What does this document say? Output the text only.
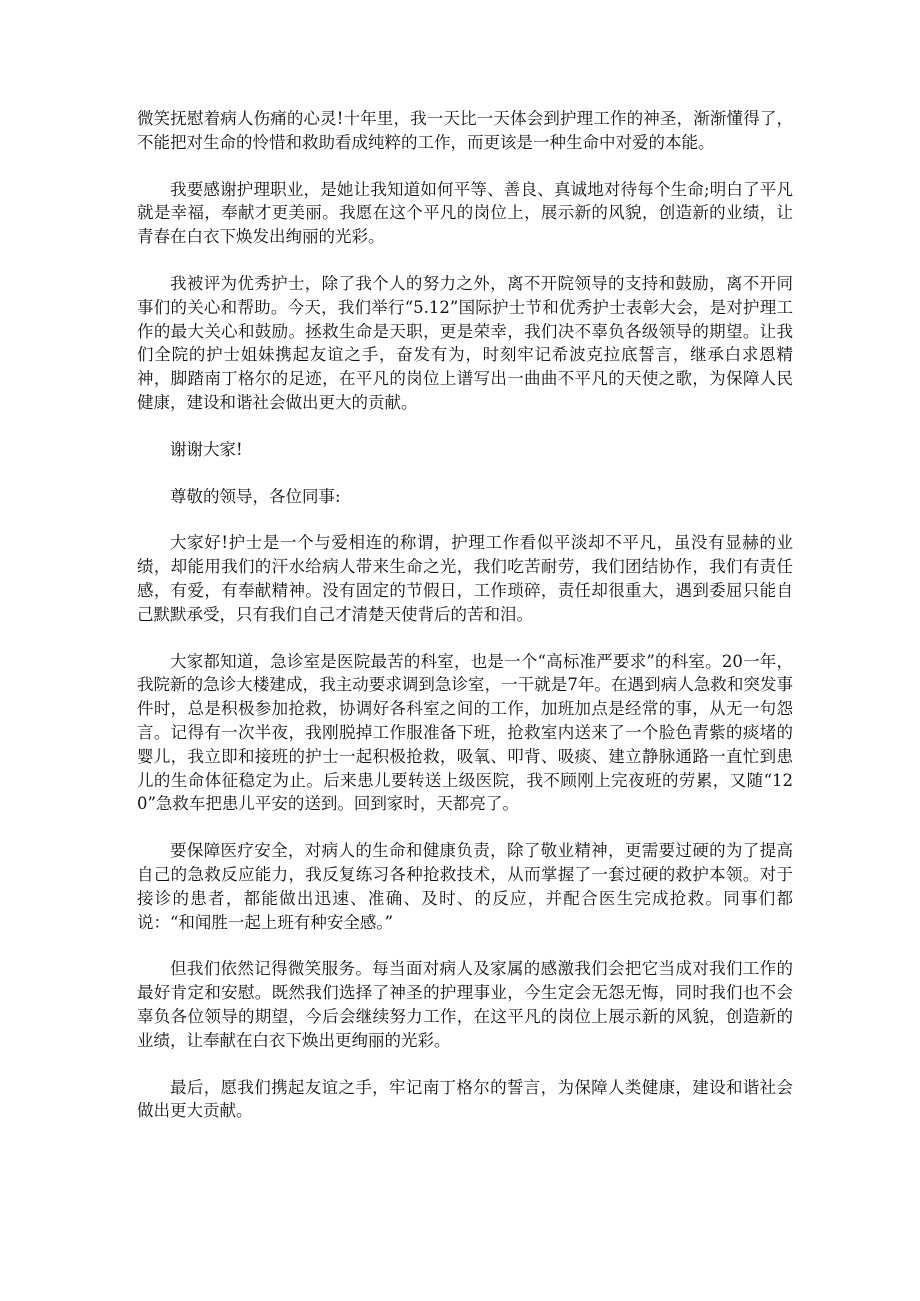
微笑抚慰着病人伤痛的心灵!十年里，我一天比一天体会到护理工作的神圣，渐渐懂得了，不能把对生命的怜惜和救助看成纯粹的工作，而更该是一种生命中对爱的本能。

我要感谢护理职业，是她让我知道如何平等、善良、真诚地对待每个生命;明白了平凡就是幸福，奉献才更美丽。我愿在这个平凡的岗位上，展示新的风貌，创造新的业绩，让青春在白衣下焕发出绚丽的光彩。

我被评为优秀护士，除了我个人的努力之外，离不开院领导的支持和鼓励，离不开同事们的关心和帮助。今天，我们举行“5.12”国际护士节和优秀护士表彰大会，是对护理工作的最大关心和鼓励。拯救生命是天职，更是荣幸，我们决不辜负各级领导的期望。让我们全院的护士姐妹携起友谊之手，奋发有为，时刻牢记希波克拉底誓言，继承白求恩精神，脚踏南丁格尔的足迹，在平凡的岗位上谱写出一曲曲不平凡的天使之歌，为保障人民健康，建设和谐社会做出更大的贡献。

谢谢大家!

尊敬的领导，各位同事:

大家好!护士是一个与爱相连的称谓，护理工作看似平淡却不平凡，虽没有显赫的业绩，却能用我们的汗水给病人带来生命之光，我们吃苦耐劳，我们团结协作，我们有责任感，有爱，有奉献精神。没有固定的节假日，工作琐碎，责任却很重大，遇到委屈只能自己默默承受，只有我们自己才清楚天使背后的苦和泪。

大家都知道，急诊室是医院最苦的科室，也是一个“高标准严要求”的科室。20一年，我院新的急诊大楼建成，我主动要求调到急诊室，一干就是7年。在遇到病人急救和突发事件时，总是积极参加抢救，协调好各科室之间的工作，加班加点是经常的事，从无一句怨言。记得有一次半夜，我刚脱掉工作服准备下班，抢救室内送来了一个脸色青紫的痰堵的婴儿，我立即和接班的护士一起积极抢救，吸氧、叩背、吸痰、建立静脉通路一直忙到患儿的生命体征稳定为止。后来患儿要转送上级医院，我不顾刚上完夜班的劳累，又随“120”急救车把患儿平安的送到。回到家时，天都亮了。

要保障医疗安全，对病人的生命和健康负责，除了敬业精神，更需要过硬的为了提高自己的急救反应能力，我反复练习各种抢救技术，从而掌握了一套过硬的救护本领。对于接诊的患者，都能做出迅速、准确、及时、的反应，并配合医生完成抢救。同事们都说：“和闻胜一起上班有种安全感。”

但我们依然记得微笑服务。每当面对病人及家属的感激我们会把它当成对我们工作的最好肯定和安慰。既然我们选择了神圣的护理事业，今生定会无怨无悔，同时我们也不会辜负各位领导的期望，今后会继续努力工作，在这平凡的岗位上展示新的风貌，创造新的业绩，让奉献在白衣下焕出更绚丽的光彩。

最后，愿我们携起友谊之手，牢记南丁格尔的誓言，为保障人类健康，建设和谐社会做出更大贡献。
